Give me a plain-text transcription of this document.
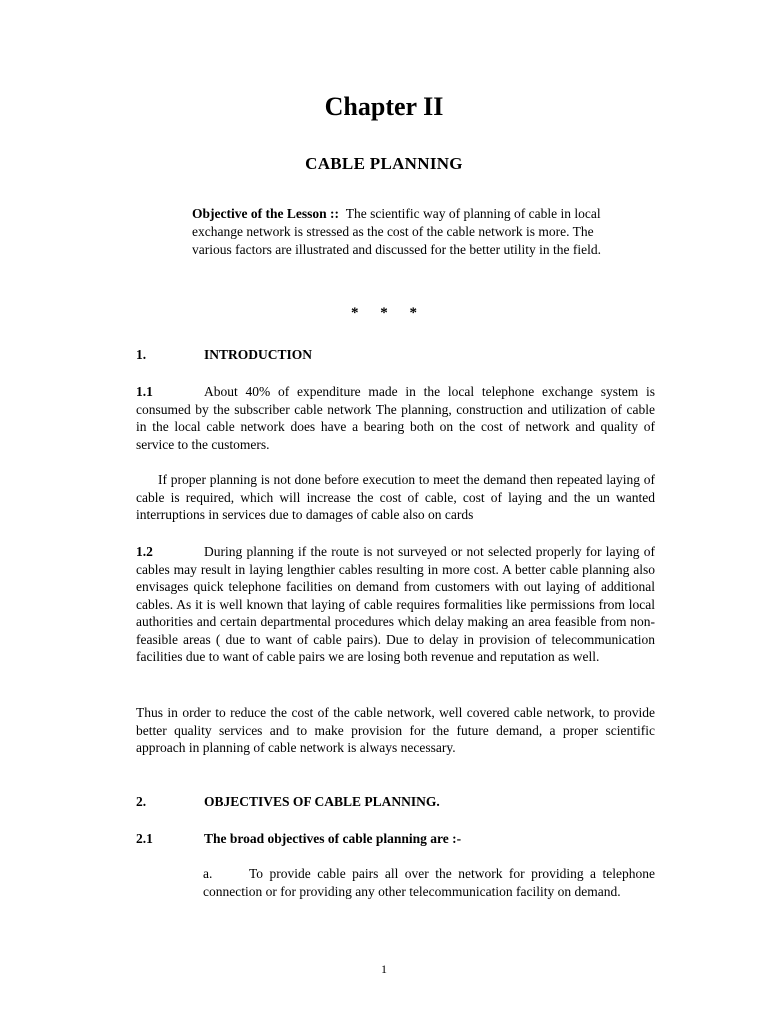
Chapter II
CABLE PLANNING
Objective of the Lesson :: The scientific way of planning of cable in local exchange network is stressed as the cost of the cable network is more. The various factors are illustrated and discussed for the better utility in the field.
* * *
1.	INTRODUCTION
1.1	About 40% of expenditure made in the local telephone exchange system is consumed by the subscriber cable network The planning, construction and utilization of cable in the local cable network does have a bearing both on the cost of network and quality of service to the customers.
If proper planning is not done before execution to meet the demand then repeated laying of cable is required, which will increase the cost of cable, cost of laying and the un wanted interruptions in services due to damages of cable also on cards
1.2	During planning if the route is not surveyed or not selected properly for laying of cables may result in laying lengthier cables resulting in more cost. A better cable planning also envisages quick telephone facilities on demand from customers with out laying of additional cables. As it is well known that laying of cable requires formalities like permissions from local authorities and certain departmental procedures which delay making an area feasible from non-feasible areas ( due to want of cable pairs). Due to delay in provision of telecommunication facilities due to want of cable pairs we are losing both revenue and reputation as well.
Thus in order to reduce the cost of the cable network, well covered cable network, to provide better quality services and to make provision for the future demand, a proper scientific approach in planning of cable network is always necessary.
2.	OBJECTIVES OF CABLE PLANNING.
2.1	The broad objectives of cable planning are :-
a.	To provide cable pairs all over the network for providing a telephone connection or for providing any other telecommunication facility on demand.
1
